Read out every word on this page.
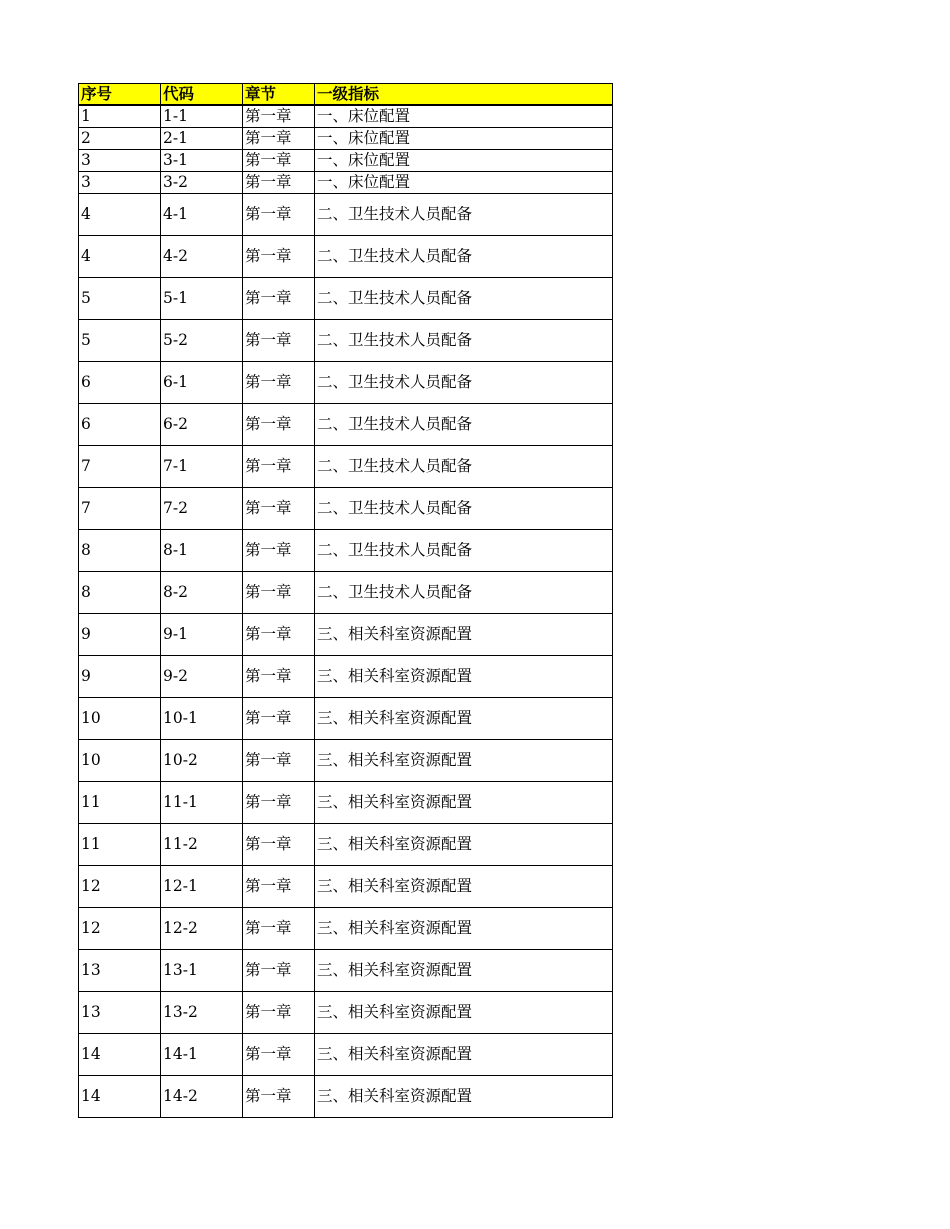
序号	代码	章节	一级指标
1	1-1	第一章	一、床位配置
2	2-1	第一章	一、床位配置
3	3-1	第一章	一、床位配置
3	3-2	第一章	一、床位配置
4	4-1	第一章	二、卫生技术人员配备
4	4-2	第一章	二、卫生技术人员配备
5	5-1	第一章	二、卫生技术人员配备
5	5-2	第一章	二、卫生技术人员配备
6	6-1	第一章	二、卫生技术人员配备
6	6-2	第一章	二、卫生技术人员配备
7	7-1	第一章	二、卫生技术人员配备
7	7-2	第一章	二、卫生技术人员配备
8	8-1	第一章	二、卫生技术人员配备
8	8-2	第一章	二、卫生技术人员配备
9	9-1	第一章	三、相关科室资源配置
9	9-2	第一章	三、相关科室资源配置
10	10-1	第一章	三、相关科室资源配置
10	10-2	第一章	三、相关科室资源配置
11	11-1	第一章	三、相关科室资源配置
11	11-2	第一章	三、相关科室资源配置
12	12-1	第一章	三、相关科室资源配置
12	12-2	第一章	三、相关科室资源配置
13	13-1	第一章	三、相关科室资源配置
13	13-2	第一章	三、相关科室资源配置
14	14-1	第一章	三、相关科室资源配置
14	14-2	第一章	三、相关科室资源配置
